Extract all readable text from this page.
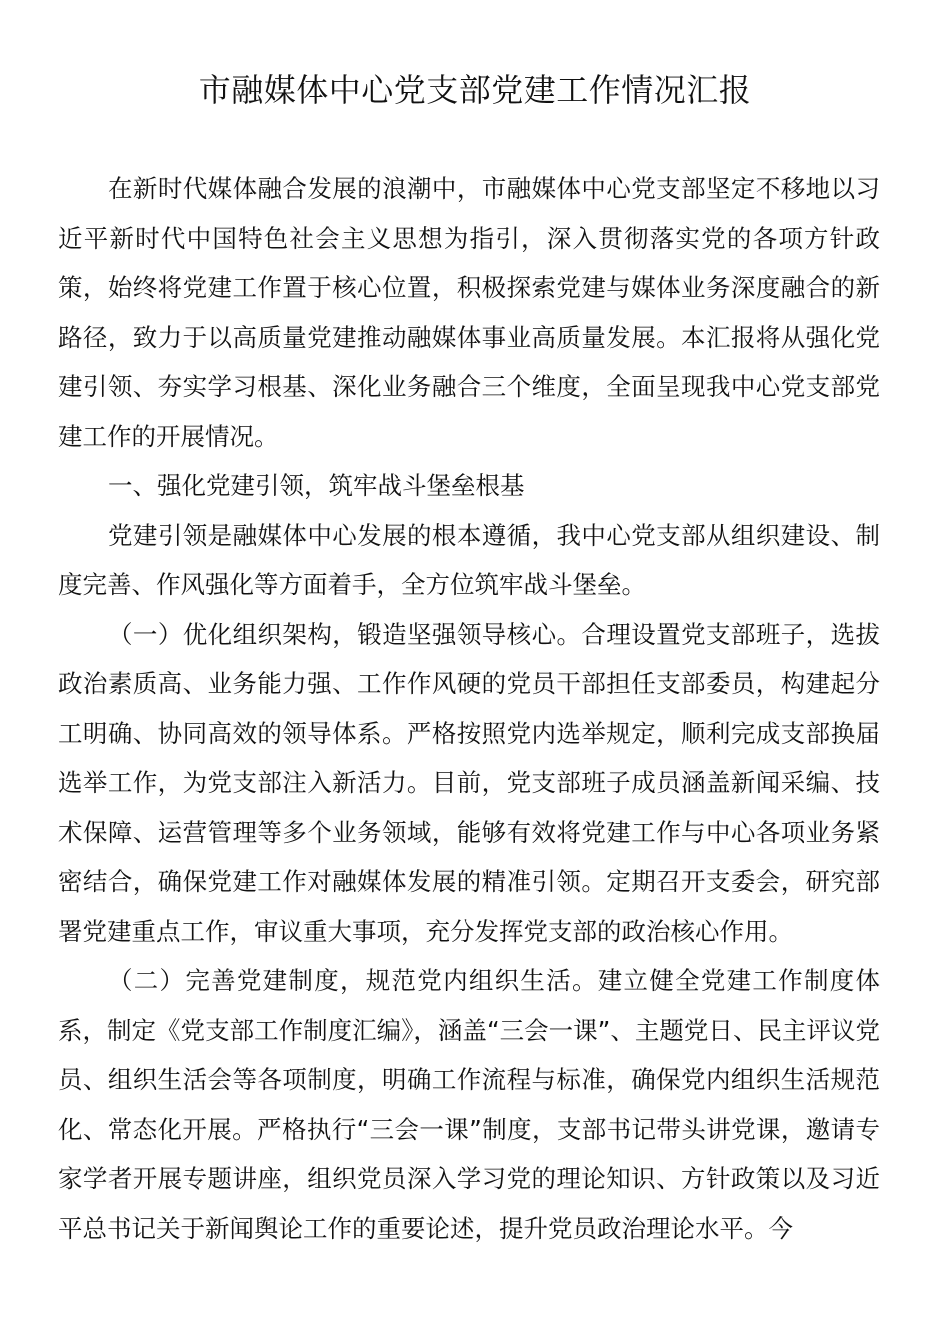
市融媒体中心党支部党建工作情况汇报

在新时代媒体融合发展的浪潮中，市融媒体中心党支部坚定不移地以习近平新时代中国特色社会主义思想为指引，深入贯彻落实党的各项方针政策，始终将党建工作置于核心位置，积极探索党建与媒体业务深度融合的新路径，致力于以高质量党建推动融媒体事业高质量发展。本汇报将从强化党建引领、夯实学习根基、深化业务融合三个维度，全面呈现我中心党支部党建工作的开展情况。

一、强化党建引领，筑牢战斗堡垒根基

党建引领是融媒体中心发展的根本遵循，我中心党支部从组织建设、制度完善、作风强化等方面着手，全方位筑牢战斗堡垒。

（一）优化组织架构，锻造坚强领导核心。合理设置党支部班子，选拔政治素质高、业务能力强、工作作风硬的党员干部担任支部委员，构建起分工明确、协同高效的领导体系。严格按照党内选举规定，顺利完成支部换届选举工作，为党支部注入新活力。目前，党支部班子成员涵盖新闻采编、技术保障、运营管理等多个业务领域，能够有效将党建工作与中心各项业务紧密结合，确保党建工作对融媒体发展的精准引领。定期召开支委会，研究部署党建重点工作，审议重大事项，充分发挥党支部的政治核心作用。

（二）完善党建制度，规范党内组织生活。建立健全党建工作制度体系，制定《党支部工作制度汇编》，涵盖“三会一课”、主题党日、民主评议党员、组织生活会等各项制度，明确工作流程与标准，确保党内组织生活规范化、常态化开展。严格执行“三会一课”制度，支部书记带头讲党课，邀请专家学者开展专题讲座，组织党员深入学习党的理论知识、方针政策以及习近平总书记关于新闻舆论工作的重要论述，提升党员政治理论水平。今
